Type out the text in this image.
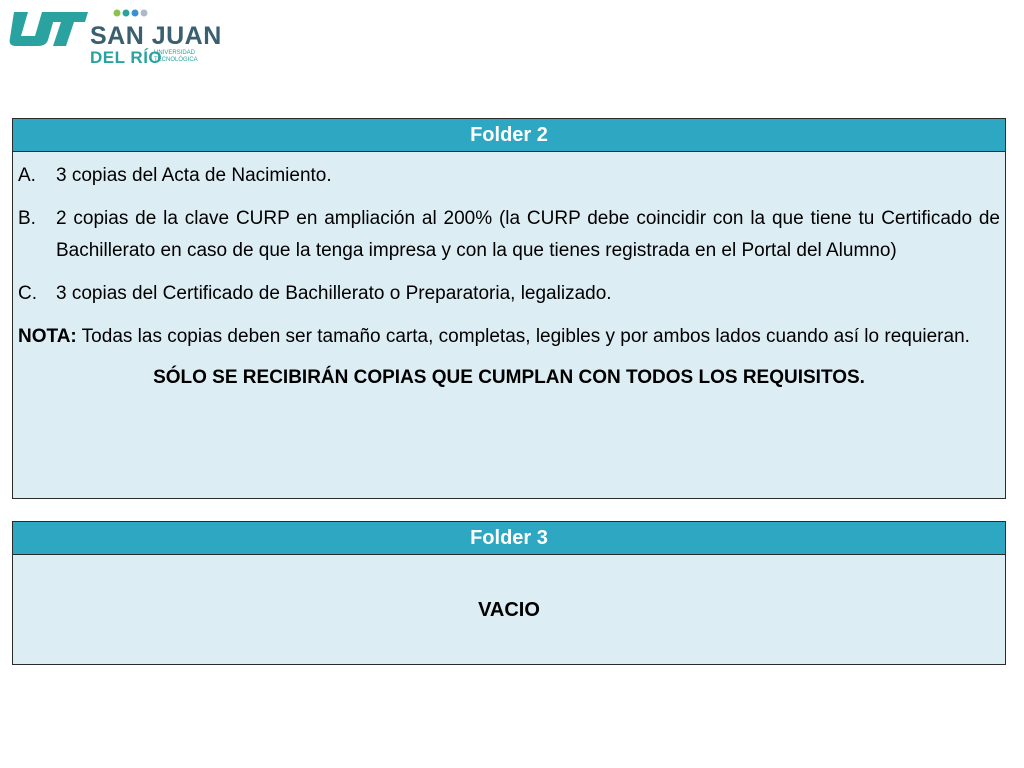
SAN JUAN
DEL RÍO
UNIVERSIDAD
TECNOLÓGICA
Folder 2
A.	3 copias del Acta de Nacimiento.
B.	2 copias de la clave CURP en ampliación al 200% (la CURP debe coincidir con la que tiene tu Certificado de Bachillerato en caso de que la tenga impresa y con la que tienes registrada en el Portal del Alumno)
C.	3 copias del Certificado de Bachillerato o Preparatoria, legalizado.
NOTA: Todas las copias deben ser tamaño carta, completas, legibles y por ambos lados cuando así lo requieran.
SÓLO SE RECIBIRÁN COPIAS QUE CUMPLAN CON TODOS LOS REQUISITOS.
Folder 3
VACIO
